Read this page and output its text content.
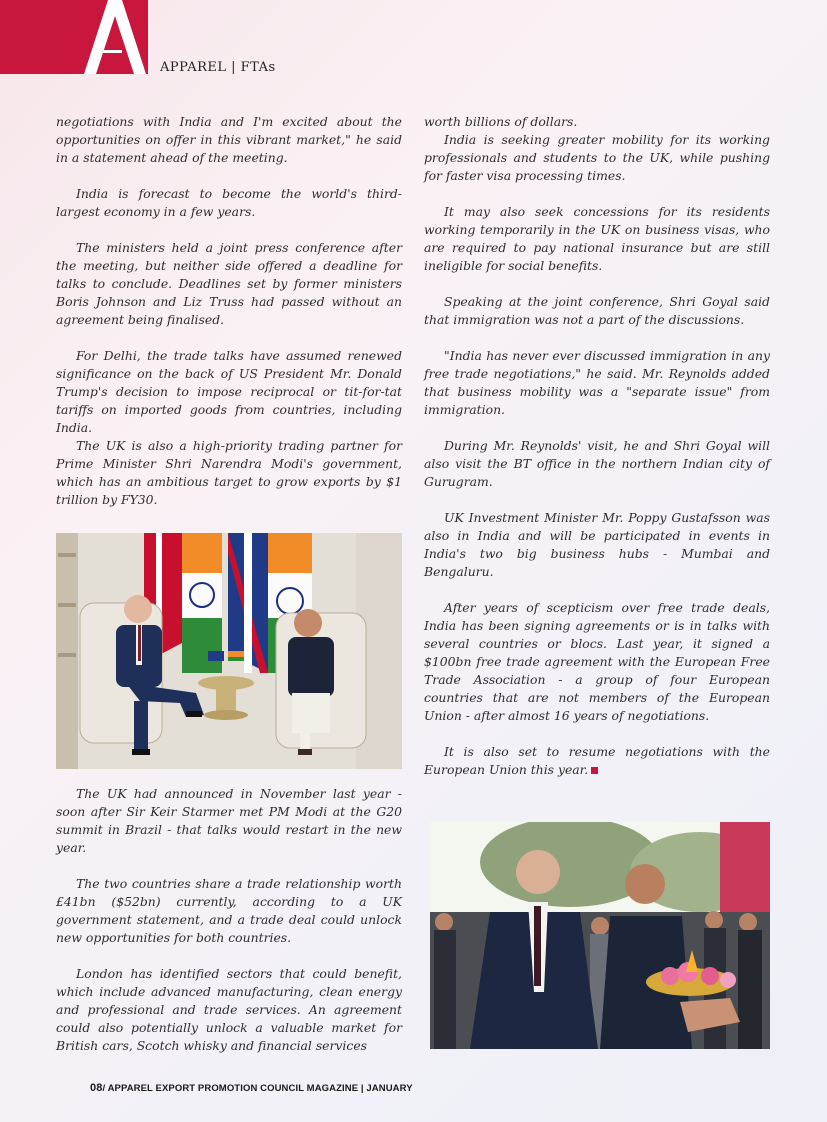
APPAREL | FTAs

negotiations with India and I'm excited about the opportunities on offer in this vibrant market," he said in a statement ahead of the meeting.

India is forecast to become the world's third-largest economy in a few years.

The ministers held a joint press conference after the meeting, but neither side offered a deadline for talks to conclude. Deadlines set by former ministers Boris Johnson and Liz Truss had passed without an agreement being finalised.

For Delhi, the trade talks have assumed renewed significance on the back of US President Mr. Donald Trump's decision to impose reciprocal or tit-for-tat tariffs on imported goods from countries, including India.

The UK is also a high-priority trading partner for Prime Minister Shri Narendra Modi's government, which has an ambitious target to grow exports by $1 trillion by FY30.

The UK had announced in November last year - soon after Sir Keir Starmer met PM Modi at the G20 summit in Brazil - that talks would restart in the new year.

The two countries share a trade relationship worth £41bn ($52bn) currently, according to a UK government statement, and a trade deal could unlock new opportunities for both countries.

London has identified sectors that could benefit, which include advanced manufacturing, clean energy and professional and trade services. An agreement could also potentially unlock a valuable market for British cars, Scotch whisky and financial services

worth billions of dollars.

India is seeking greater mobility for its working professionals and students to the UK, while pushing for faster visa processing times.

It may also seek concessions for its residents working temporarily in the UK on business visas, who are required to pay national insurance but are still ineligible for social benefits.

Speaking at the joint conference, Shri Goyal said that immigration was not a part of the discussions.

"India has never ever discussed immigration in any free trade negotiations," he said. Mr. Reynolds added that business mobility was a "separate issue" from immigration.

During Mr. Reynolds' visit, he and Shri Goyal will also visit the BT office in the northern Indian city of Gurugram.

UK Investment Minister Mr. Poppy Gustafsson was also in India and will be participated in events in India's two big business hubs - Mumbai and Bengaluru.

After years of scepticism over free trade deals, India has been signing agreements or is in talks with several countries or blocs. Last year, it signed a $100bn free trade agreement with the European Free Trade Association - a group of four European countries that are not members of the European Union - after almost 16 years of negotiations.

It is also set to resume negotiations with the European Union this year.

08/ APPAREL EXPORT PROMOTION COUNCIL MAGAZINE | JANUARY
